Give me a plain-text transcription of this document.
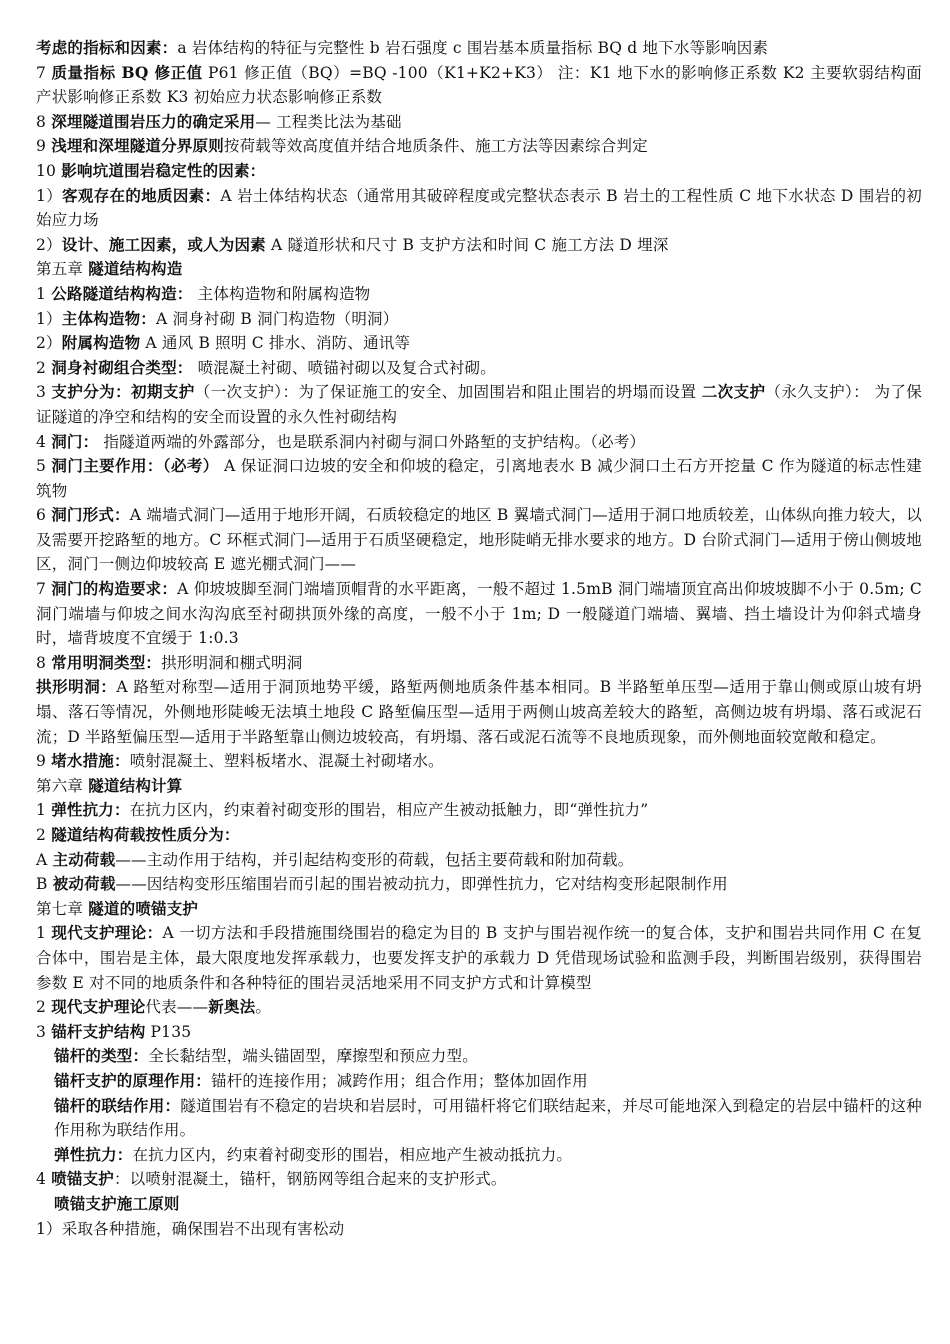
考虑的指标和因素：a 岩体结构的特征与完整性 b 岩石强度 c 围岩基本质量指标 BQ d 地下水等影响因素

7 质量指标 BQ 修正值 P61 修正值（BQ）=BQ -100（K1+K2+K3） 注：K1 地下水的影响修正系数 K2 主要软弱结构面产状影响修正系数 K3 初始应力状态影响修正系数

8 深埋隧道围岩压力的确定采用— 工程类比法为基础

9 浅埋和深埋隧道分界原则按荷载等效高度值并结合地质条件、施工方法等因素综合判定

10 影响坑道围岩稳定性的因素：

1）客观存在的地质因素：A 岩土体结构状态（通常用其破碎程度或完整状态表示 B 岩土的工程性质 C 地下水状态 D 围岩的初始应力场

2）设计、施工因素，或人为因素 A 隧道形状和尺寸 B 支护方法和时间 C 施工方法 D 埋深

第五章 隧道结构构造

1 公路隧道结构构造： 主体构造物和附属构造物

1）主体构造物：A 洞身衬砌 B 洞门构造物（明洞）

2）附属构造物 A 通风 B 照明 C 排水、消防、通讯等

2 洞身衬砌组合类型： 喷混凝土衬砌、喷锚衬砌以及复合式衬砌。

3 支护分为：初期支护（一次支护）：为了保证施工的安全、加固围岩和阻止围岩的坍塌而设置 二次支护（永久支护）： 为了保证隧道的净空和结构的安全而设置的永久性衬砌结构

4 洞门： 指隧道两端的外露部分，也是联系洞内衬砌与洞口外路堑的支护结构。（必考）

5 洞门主要作用：（必考） A 保证洞口边坡的安全和仰坡的稳定，引离地表水 B 减少洞口土石方开挖量 C 作为隧道的标志性建筑物

6 洞门形式：A 端墙式洞门—适用于地形开阔，石质较稳定的地区 B 翼墙式洞门—适用于洞口地质较差，山体纵向推力较大，以及需要开挖路堑的地方。C 环框式洞门—适用于石质坚硬稳定，地形陡峭无排水要求的地方。D 台阶式洞门—适用于傍山侧坡地区，洞门一侧边仰坡较高 E 遮光棚式洞门——

7 洞门的构造要求：A 仰坡坡脚至洞门端墙顶帽背的水平距离，一般不超过 1.5mB 洞门端墙顶宜高出仰坡坡脚不小于 0.5m; C 洞门端墙与仰坡之间水沟沟底至衬砌拱顶外缘的高度，一般不小于 1m; D 一般隧道门端墙、翼墙、挡土墙设计为仰斜式墙身时，墙背坡度不宜缓于 1:0.3

8 常用明洞类型：拱形明洞和棚式明洞

拱形明洞：A 路堑对称型—适用于洞顶地势平缓，路堑两侧地质条件基本相同。B 半路堑单压型—适用于靠山侧或原山坡有坍塌、落石等情况，外侧地形陡峻无法填土地段 C 路堑偏压型—适用于两侧山坡高差较大的路堑，高侧边坡有坍塌、落石或泥石流；D 半路堑偏压型—适用于半路堑靠山侧边坡较高，有坍塌、落石或泥石流等不良地质现象，而外侧地面较宽敞和稳定。

9 堵水措施：喷射混凝土、塑料板堵水、混凝土衬砌堵水。

第六章 隧道结构计算

1 弹性抗力：在抗力区内，约束着衬砌变形的围岩，相应产生被动抵触力，即“弹性抗力”

2 隧道结构荷载按性质分为：

A 主动荷载——主动作用于结构，并引起结构变形的荷载，包括主要荷载和附加荷载。

B 被动荷载——因结构变形压缩围岩而引起的围岩被动抗力，即弹性抗力，它对结构变形起限制作用

第七章 隧道的喷锚支护

1 现代支护理论：A 一切方法和手段措施围绕围岩的稳定为目的 B 支护与围岩视作统一的复合体，支护和围岩共同作用 C 在复合体中，围岩是主体，最大限度地发挥承载力，也要发挥支护的承载力 D 凭借现场试验和监测手段，判断围岩级别，获得围岩参数 E 对不同的地质条件和各种特征的围岩灵活地采用不同支护方式和计算模型

2 现代支护理论代表——新奥法。

3 锚杆支护结构 P135

锚杆的类型：全长黏结型，端头锚固型，摩擦型和预应力型。

锚杆支护的原理作用：锚杆的连接作用；减跨作用；组合作用；整体加固作用

锚杆的联结作用：隧道围岩有不稳定的岩块和岩层时，可用锚杆将它们联结起来，并尽可能地深入到稳定的岩层中锚杆的这种作用称为联结作用。

弹性抗力：在抗力区内，约束着衬砌变形的围岩，相应地产生被动抵抗力。

4 喷锚支护：以喷射混凝土，锚杆，钢筋网等组合起来的支护形式。

喷锚支护施工原则

1）采取各种措施，确保围岩不出现有害松动
